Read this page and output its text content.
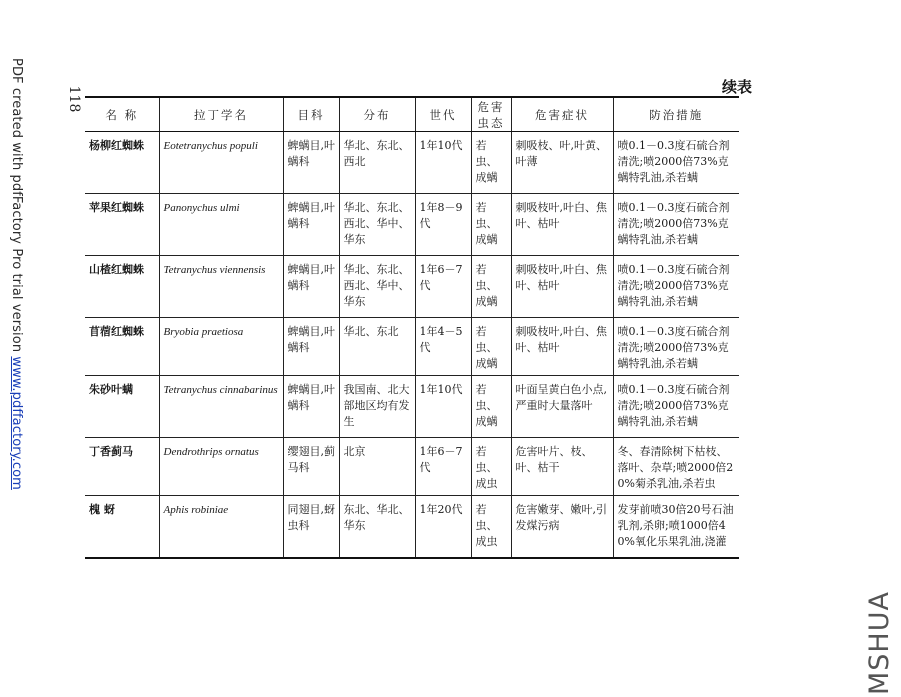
PDF created with pdfFactory Pro trial version www.pdffactory.com
118	续表
名 称	拉丁学名	目科	分布	世代	危害虫态	危害症状	防治措施
杨柳红蜘蛛	Eotetranychus populi	蜱螨目,叶螨科	华北、东北、西北	1年10代	若虫、成螨	刺吸枝、叶,叶黄、叶薄	喷0.1－0.3度石硫合剂清洗;喷2000倍73%克螨特乳油,杀若螨
苹果红蜘蛛	Panonychus ulmi	蜱螨目,叶螨科	华北、东北、西北、华中、华东	1年8－9代	若虫、成螨	刺吸枝叶,叶白、焦叶、枯叶	喷0.1－0.3度石硫合剂清洗;喷2000倍73%克螨特乳油,杀若螨
山楂红蜘蛛	Tetranychus viennensis	蜱螨目,叶螨科	华北、东北、西北、华中、华东	1年6－7代	若虫、成螨	刺吸枝叶,叶白、焦叶、枯叶	喷0.1－0.3度石硫合剂清洗;喷2000倍73%克螨特乳油,杀若螨
苜蓿红蜘蛛	Bryobia praetiosa	蜱螨目,叶螨科	华北、东北	1年4－5代	若虫、成螨	刺吸枝叶,叶白、焦叶、枯叶	喷0.1－0.3度石硫合剂清洗;喷2000倍73%克螨特乳油,杀若螨
朱砂叶螨	Tetranychus cinnabarinus	蜱螨目,叶螨科	我国南、北大部地区均有发生	1年10代	若虫、成螨	叶面呈黄白色小点,严重时大量落叶	喷0.1－0.3度石硫合剂清洗;喷2000倍73%克螨特乳油,杀若螨
丁香蓟马	Dendrothrips ornatus	缨翅目,蓟马科	北京	1年6－7代	若虫、成虫	危害叶片、枝、叶、枯干	冬、春清除树下枯枝、落叶、杂草;喷2000倍20%菊杀乳油,杀若虫
槐 蚜	Aphis robiniae	同翅目,蚜虫科	东北、华北、华东	1年20代	若虫、成虫	危害嫩芽、嫩叶,引发煤污病	发芽前喷30倍20号石油乳剂,杀卵;喷1000倍40%氧化乐果乳油,浇灌
MSHUA
